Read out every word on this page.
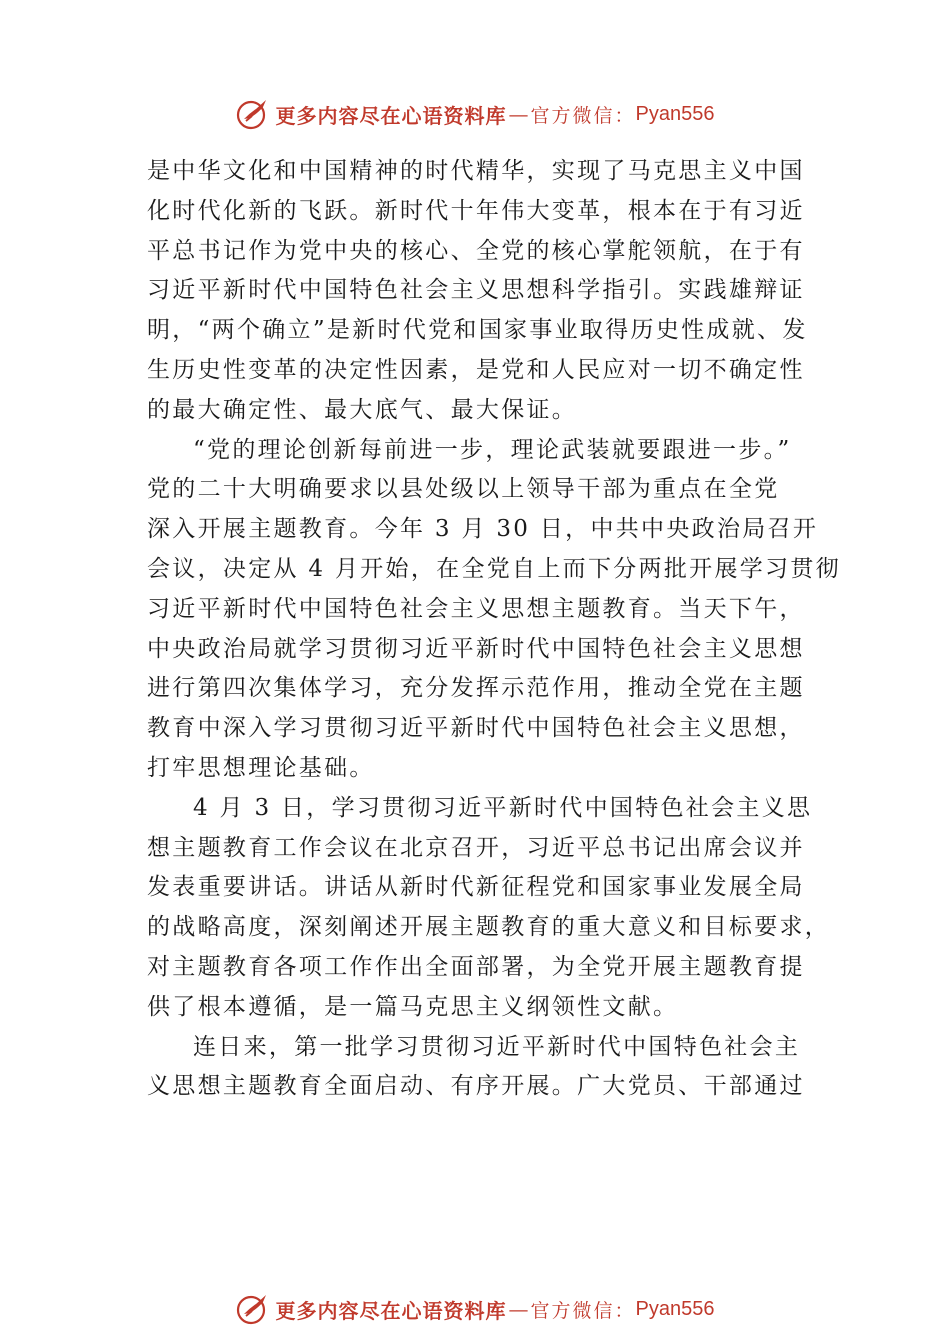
更多内容尽在心语资料库 — 官方微信： Pyan556

是中华文化和中国精神的时代精华，实现了马克思主义中国
化时代化新的飞跃。新时代十年伟大变革，根本在于有习近
平总书记作为党中央的核心、全党的核心掌舵领航，在于有
习近平新时代中国特色社会主义思想科学指引。实践雄辩证
明，“两个确立”是新时代党和国家事业取得历史性成就、发
生历史性变革的决定性因素，是党和人民应对一切不确定性
的最大确定性、最大底气、最大保证。

“党的理论创新每前进一步，理论武装就要跟进一步。”
党的二十大明确要求以县处级以上领导干部为重点在全党
深入开展主题教育。今年 3 月 30 日，中共中央政治局召开
会议，决定从 4 月开始，在全党自上而下分两批开展学习贯彻
习近平新时代中国特色社会主义思想主题教育。当天下午，
中央政治局就学习贯彻习近平新时代中国特色社会主义思想
进行第四次集体学习，充分发挥示范作用，推动全党在主题
教育中深入学习贯彻习近平新时代中国特色社会主义思想，
打牢思想理论基础。

4 月 3 日，学习贯彻习近平新时代中国特色社会主义思
想主题教育工作会议在北京召开，习近平总书记出席会议并
发表重要讲话。讲话从新时代新征程党和国家事业发展全局
的战略高度，深刻阐述开展主题教育的重大意义和目标要求，
对主题教育各项工作作出全面部署，为全党开展主题教育提
供了根本遵循，是一篇马克思主义纲领性文献。

连日来，第一批学习贯彻习近平新时代中国特色社会主
义思想主题教育全面启动、有序开展。广大党员、干部通过

更多内容尽在心语资料库 — 官方微信： Pyan556
